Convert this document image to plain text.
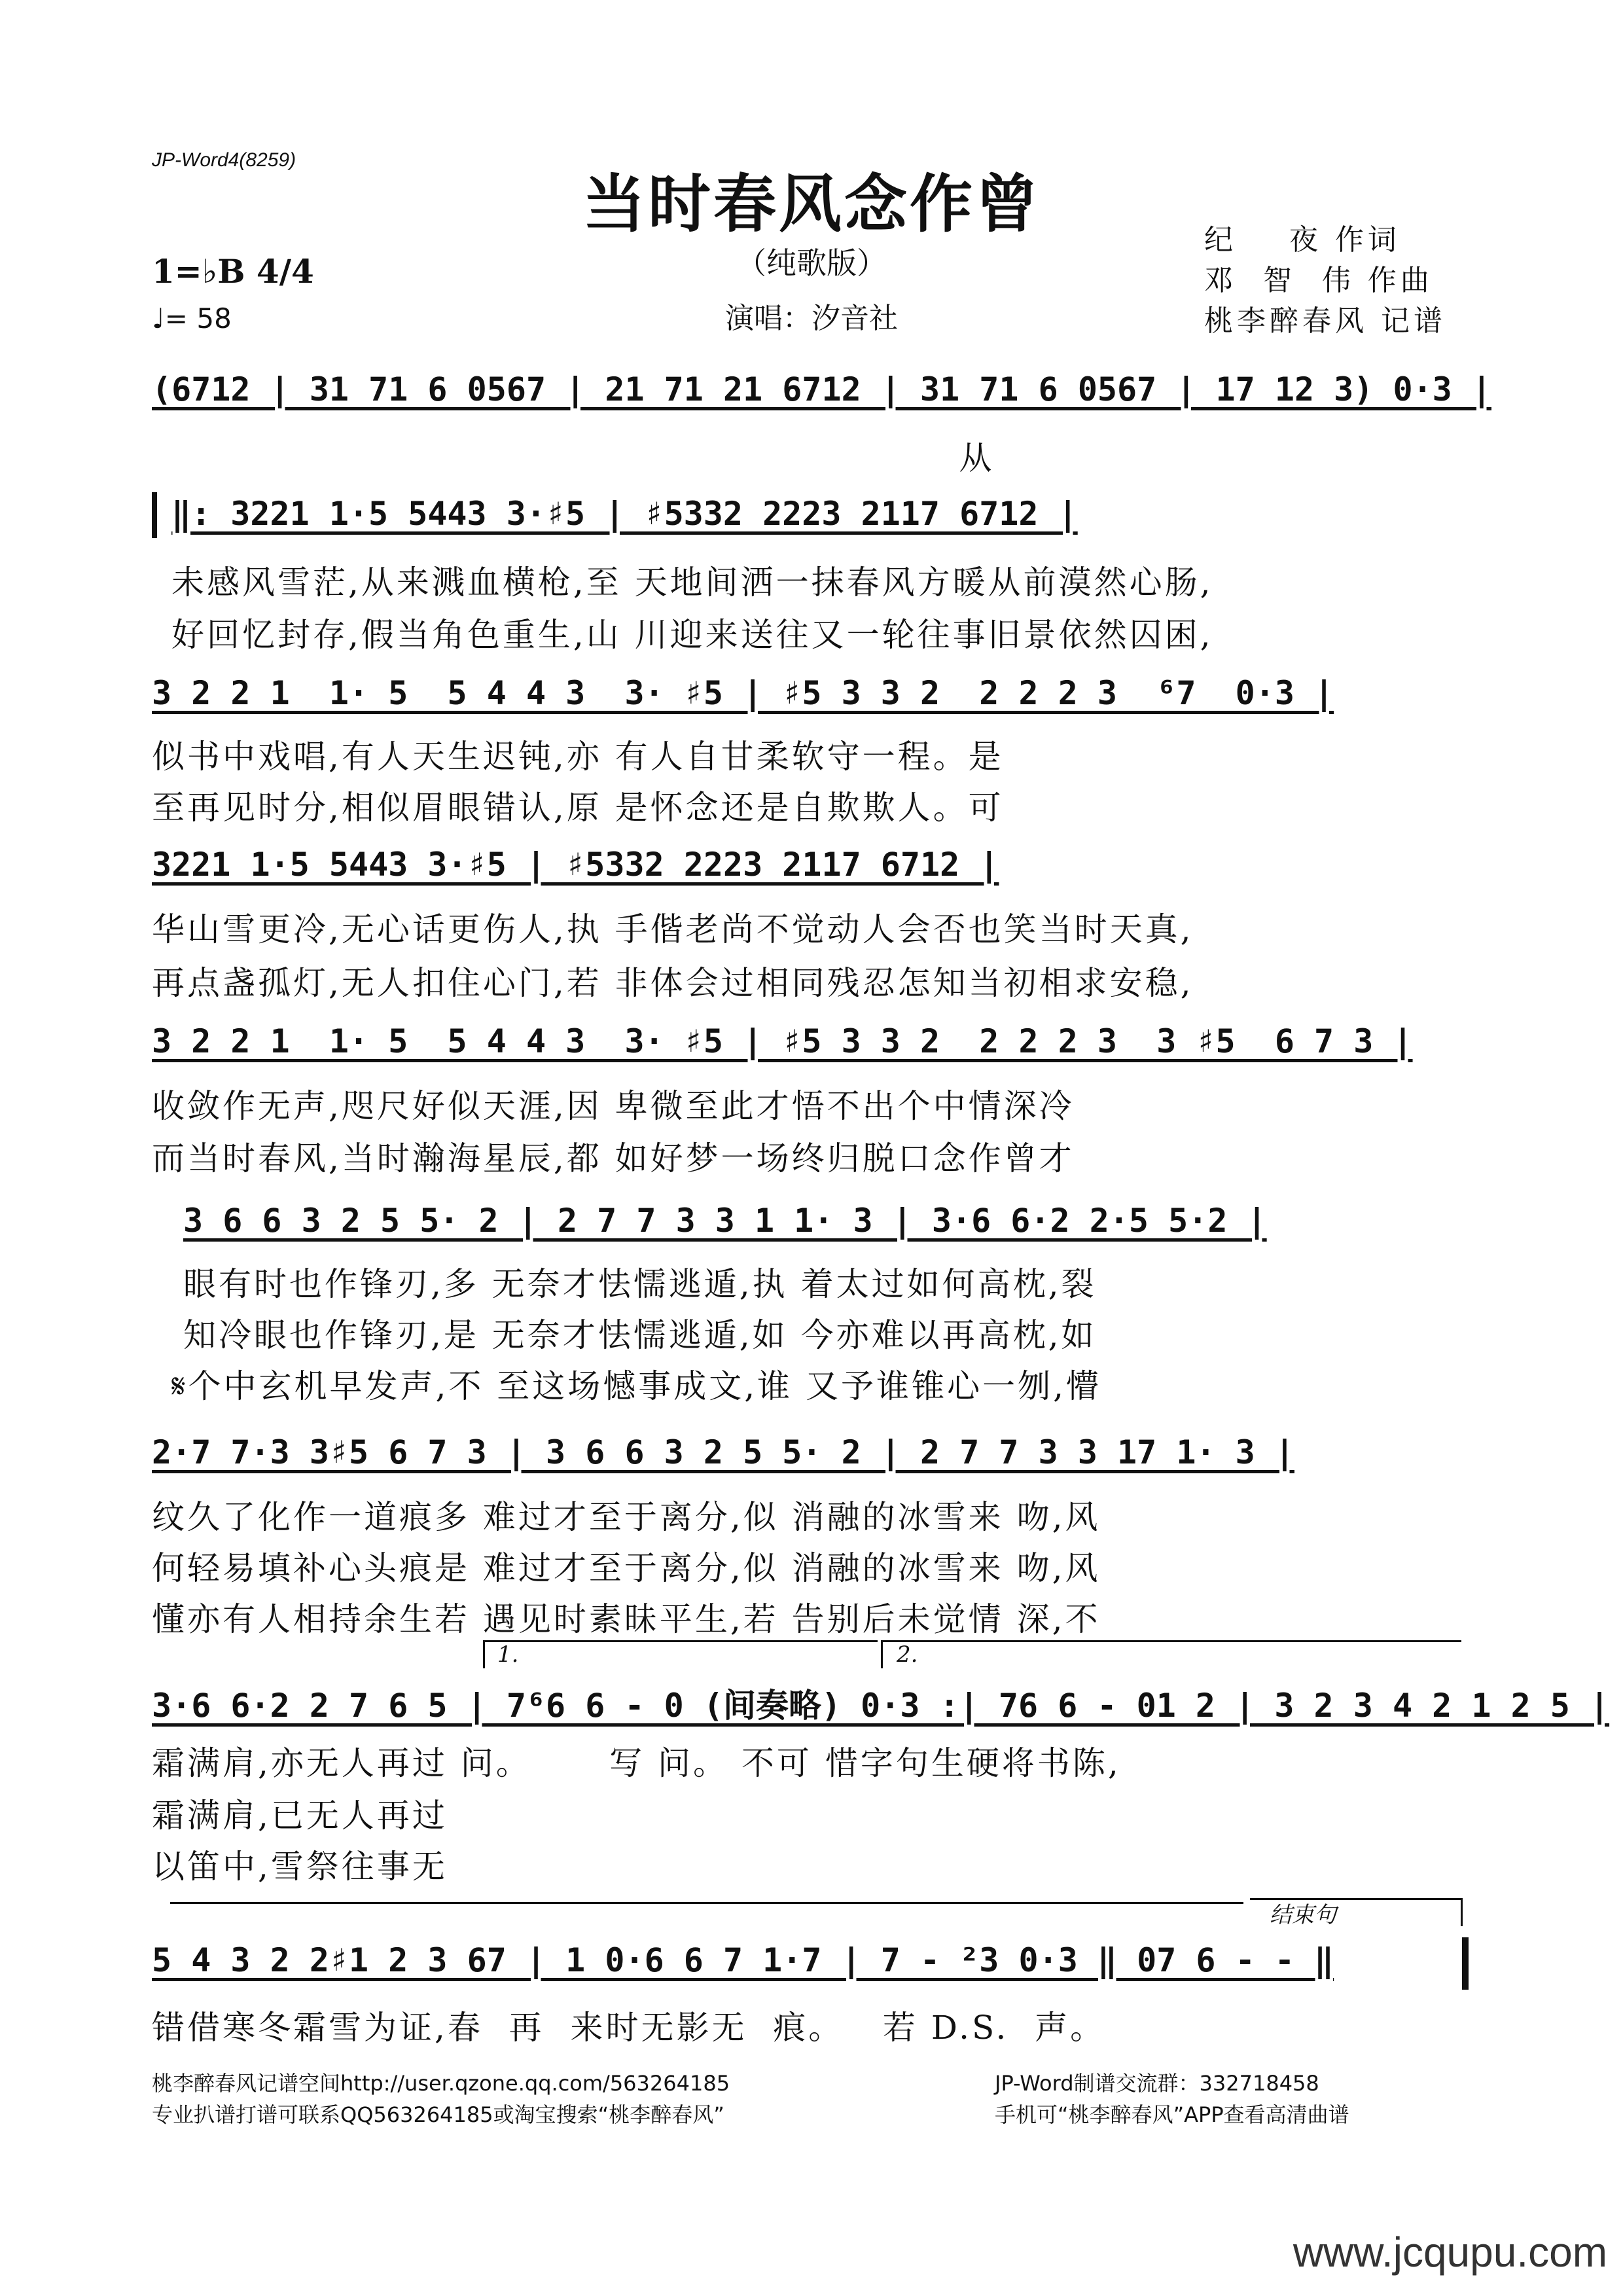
JP-Word4(8259)
当时春风念作曾
（纯歌版）
演唱：汐音社
1=♭B 4/4
♩= 58
纪    夜 作词
邓  智  伟 作曲
桃李醉春风 记谱
(6712 | 31 71 6 0567 | 21 71 21 6712 | 31 71 6 0567 | 17 12 3) 0·3 |
从
‖: 3221 1·5 5443 3·♯5 | ♯5332 2223 2117 6712 |
未感风雪茫,从来溅血横枪,至 天地间洒一抹春风方暖从前漠然心肠,
好回忆封存,假当角色重生,山 川迎来送往又一轮往事旧景依然囚困,
3 2 2 1  1· 5  5 4 4 3  3· ♯5 | ♯5 3 3 2  2 2 2 3  ⁶7  0·3 |
似书中戏唱,有人天生迟钝,亦 有人自甘柔软守一程。是
至再见时分,相似眉眼错认,原 是怀念还是自欺欺人。可
3221 1·5 5443 3·♯5 | ♯5332 2223 2117 6712 |
华山雪更冷,无心话更伤人,执 手偕老尚不觉动人会否也笑当时天真,
再点盏孤灯,无人扣住心门,若 非体会过相同残忍怎知当初相求安稳,
3 2 2 1  1· 5  5 4 4 3  3· ♯5 | ♯5 3 3 2  2 2 2 3  3 ♯5  6 7 3 |
收敛作无声,咫尺好似天涯,因 卑微至此才悟不出个中情深冷
而当时春风,当时瀚海星辰,都 如好梦一场终归脱口念作曾才
3 6 6 3 2 5 5· 2 | 2 7 7 3 3 1 1· 3 | 3·6 6·2 2·5 5·2 |
眼有时也作锋刃,多 无奈才怯懦逃遁,执 着太过如何高枕,裂
知冷眼也作锋刃,是 无奈才怯懦逃遁,如 今亦难以再高枕,如
𝄋个中玄机早发声,不 至这场憾事成文,谁 又予谁锥心一刎,懵
2·7 7·3 3♯5 6 7 3 | 3 6 6 3 2 5 5· 2 | 2 7 7 3 3 17 1· 3 |
纹久了化作一道痕多 难过才至于离分,似 消融的冰雪来 吻,风
何轻易填补心头痕是 难过才至于离分,似 消融的冰雪来 吻,风
懂亦有人相持余生若 遇见时素昧平生,若 告别后未觉情 深,不
1.	2.
3·6 6·2 2 7 6 5 | 7⁶6 6 - 0 (间奏略) 0·3 :| 76 6 - 01 2 | 3 2 3 4 2 1 2 5 |
霜满肩,亦无人再过 问。      写 问。 不可 惜字句生硬将书陈,
霜满肩,已无人再过
以笛中,雪祭往事无
结束句
5 4 3 2 2♯1 2 3 67 | 1 0·6 6 7 1·7 | 7 - ²3 0·3 ‖ 07 6 - - ‖
错借寒冬霜雪为证,春  再  来时无影无  痕。   若 D.S.  声。
桃李醉春风记谱空间http://user.qzone.qq.com/563264185
专业扒谱打谱可联系QQ563264185或淘宝搜索“桃李醉春风”
JP-Word制谱交流群：332718458
手机可“桃李醉春风”APP查看高清曲谱
www.jcqupu.com
